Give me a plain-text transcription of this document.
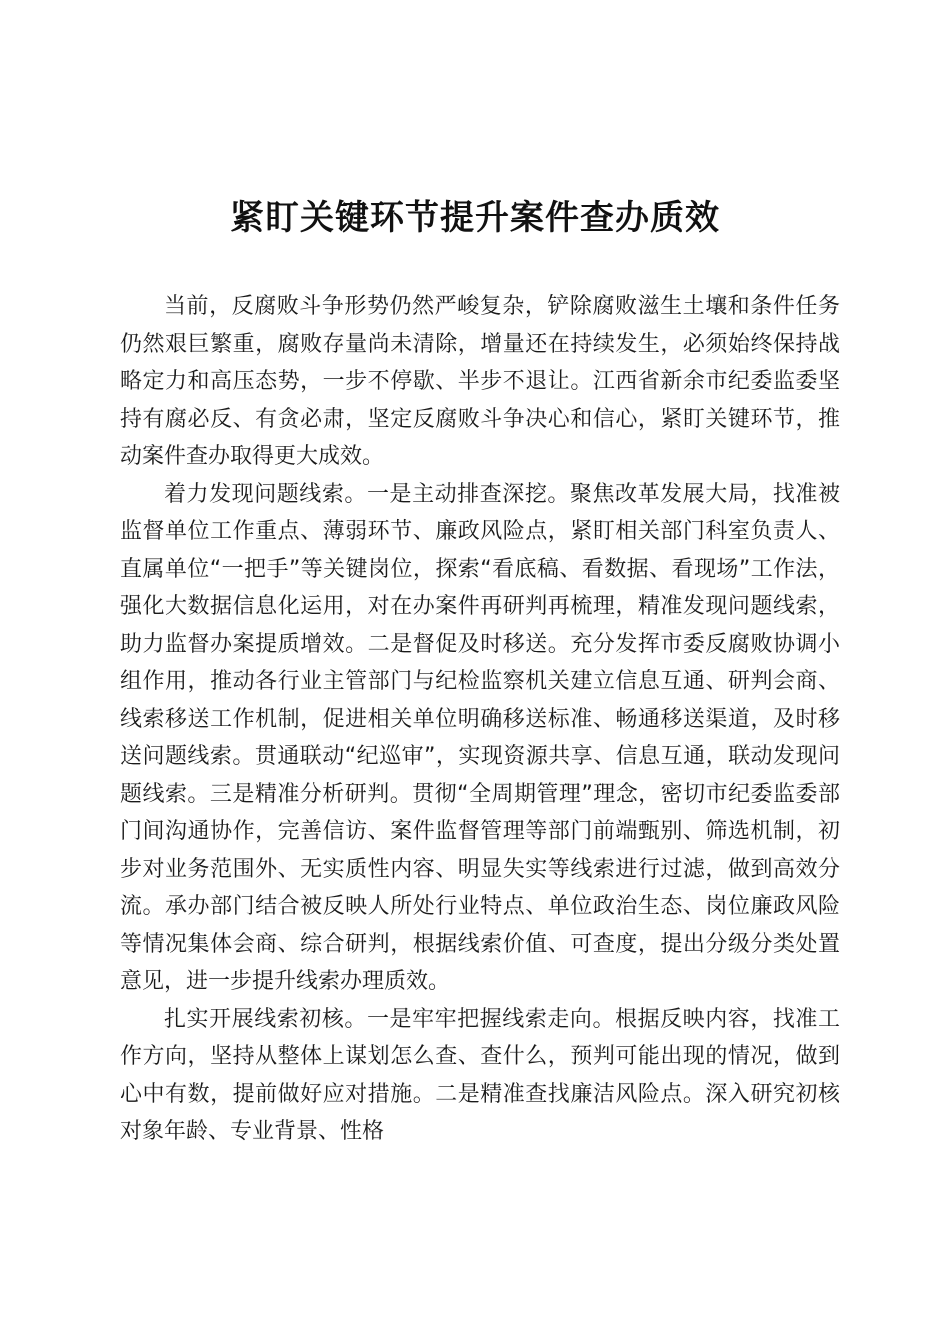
紧盯关键环节提升案件查办质效

当前，反腐败斗争形势仍然严峻复杂，铲除腐败滋生土壤和条件任务仍然艰巨繁重，腐败存量尚未清除，增量还在持续发生，必须始终保持战略定力和高压态势，一步不停歇、半步不退让。江西省新余市纪委监委坚持有腐必反、有贪必肃，坚定反腐败斗争决心和信心，紧盯关键环节，推动案件查办取得更大成效。

着力发现问题线索。一是主动排查深挖。聚焦改革发展大局，找准被监督单位工作重点、薄弱环节、廉政风险点，紧盯相关部门科室负责人、直属单位“一把手”等关键岗位，探索“看底稿、看数据、看现场”工作法，强化大数据信息化运用，对在办案件再研判再梳理，精准发现问题线索，助力监督办案提质增效。二是督促及时移送。充分发挥市委反腐败协调小组作用，推动各行业主管部门与纪检监察机关建立信息互通、研判会商、线索移送工作机制，促进相关单位明确移送标准、畅通移送渠道，及时移送问题线索。贯通联动“纪巡审”，实现资源共享、信息互通，联动发现问题线索。三是精准分析研判。贯彻“全周期管理”理念，密切市纪委监委部门间沟通协作，完善信访、案件监督管理等部门前端甄别、筛选机制，初步对业务范围外、无实质性内容、明显失实等线索进行过滤，做到高效分流。承办部门结合被反映人所处行业特点、单位政治生态、岗位廉政风险等情况集体会商、综合研判，根据线索价值、可查度，提出分级分类处置意见，进一步提升线索办理质效。

扎实开展线索初核。一是牢牢把握线索走向。根据反映内容，找准工作方向，坚持从整体上谋划怎么查、查什么，预判可能出现的情况，做到心中有数，提前做好应对措施。二是精准查找廉洁风险点。深入研究初核对象年龄、专业背景、性格
